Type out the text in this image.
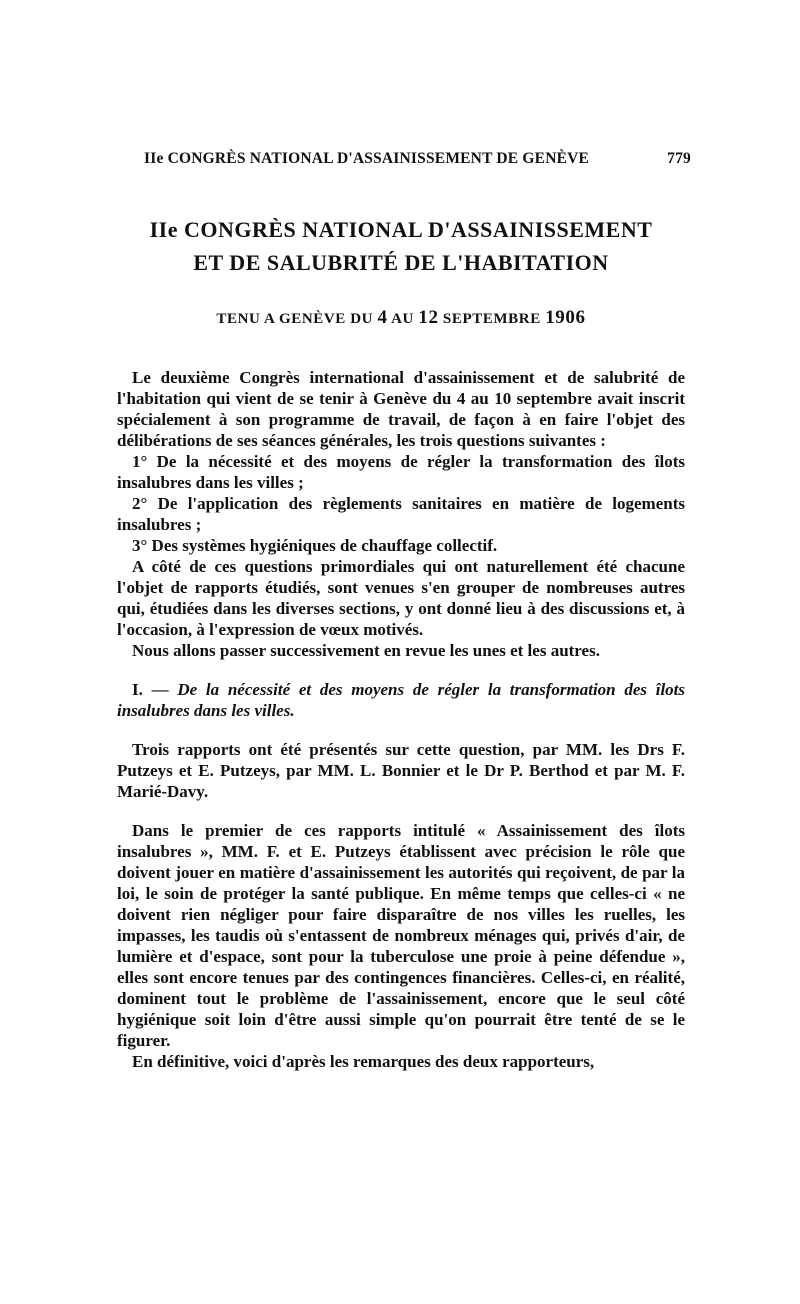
IIe CONGRÈS NATIONAL D'ASSAINISSEMENT DE GENÈVE	779
IIe CONGRÈS NATIONAL D'ASSAINISSEMENT
ET DE SALUBRITÉ DE L'HABITATION
TENU A GENÈVE DU 4 AU 12 SEPTEMBRE 1906

Le deuxième Congrès international d'assainissement et de salubrité de l'habitation qui vient de se tenir à Genève du 4 au 10 septembre avait inscrit spécialement à son programme de travail, de façon à en faire l'objet des délibérations de ses séances générales, les trois questions suivantes :

1° De la nécessité et des moyens de régler la transformation des îlots insalubres dans les villes ;

2° De l'application des règlements sanitaires en matière de logements insalubres ;

3° Des systèmes hygiéniques de chauffage collectif.

A côté de ces questions primordiales qui ont naturellement été chacune l'objet de rapports étudiés, sont venues s'en grouper de nombreuses autres qui, étudiées dans les diverses sections, y ont donné lieu à des discussions et, à l'occasion, à l'expression de vœux motivés.

Nous allons passer successivement en revue les unes et les autres.

I. — De la nécessité et des moyens de régler la transformation des îlots insalubres dans les villes.

Trois rapports ont été présentés sur cette question, par MM. les Drs F. Putzeys et E. Putzeys, par MM. L. Bonnier et le Dr P. Berthod et par M. F. Marié-Davy.

Dans le premier de ces rapports intitulé « Assainissement des îlots insalubres », MM. F. et E. Putzeys établissent avec précision le rôle que doivent jouer en matière d'assainissement les autorités qui reçoivent, de par la loi, le soin de protéger la santé publique. En même temps que celles-ci « ne doivent rien négliger pour faire disparaître de nos villes les ruelles, les impasses, les taudis où s'entassent de nombreux ménages qui, privés d'air, de lumière et d'espace, sont pour la tuberculose une proie à peine défendue », elles sont encore tenues par des contingences financières. Celles-ci, en réalité, dominent tout le problème de l'assainissement, encore que le seul côté hygiénique soit loin d'être aussi simple qu'on pourrait être tenté de se le figurer.

En définitive, voici d'après les remarques des deux rapporteurs,
